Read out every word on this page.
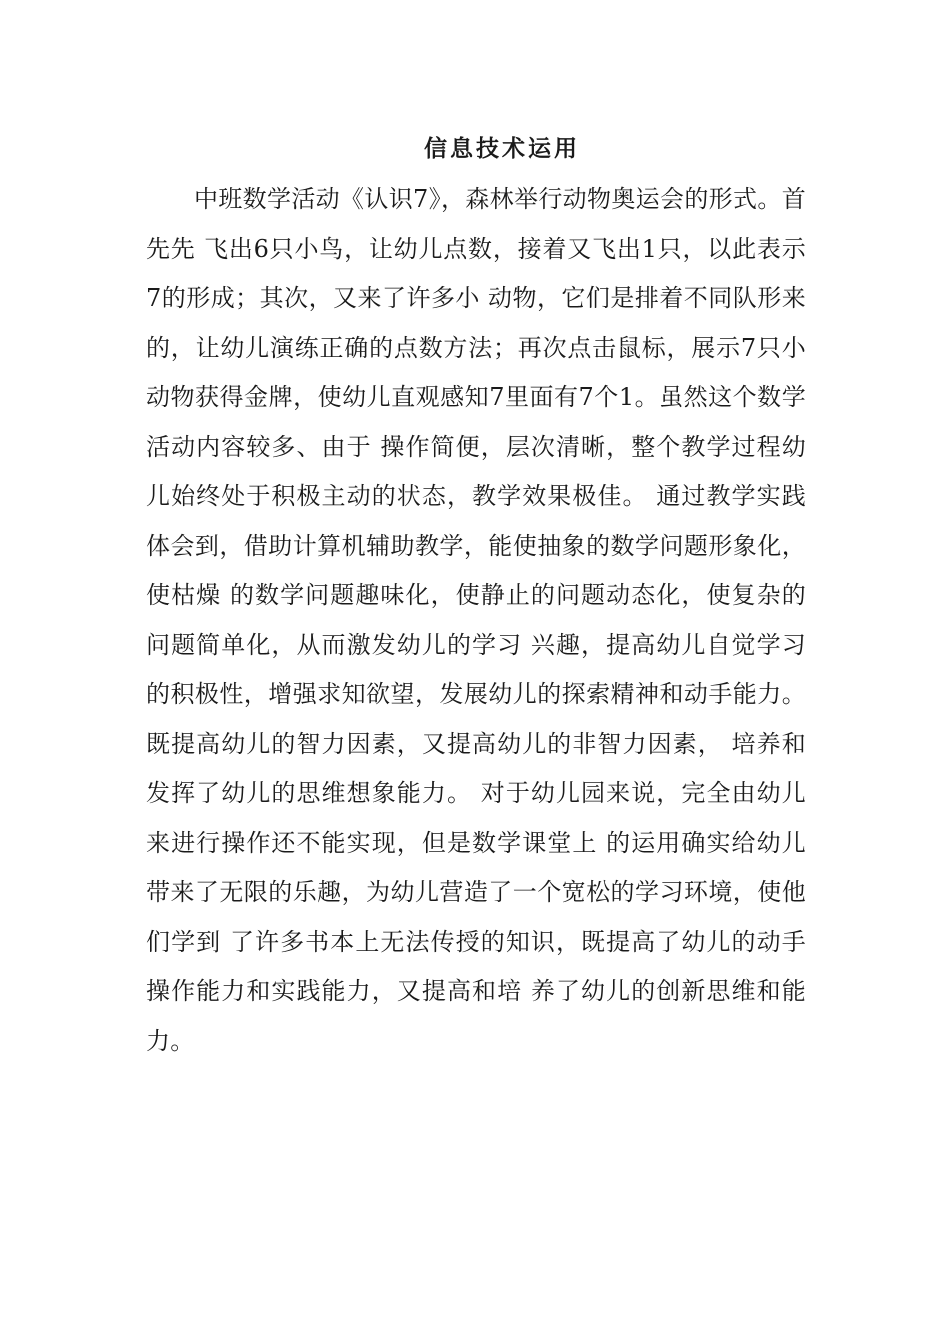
信息技术运用

中班数学活动《认识7》，森林举行动物奥运会的形式。首先先 飞出6只小鸟，让幼儿点数，接着又飞出1只，以此表示7的形成；其次，又来了许多小 动物，它们是排着不同队形来的，让幼儿演练正确的点数方法；再次点击鼠标，展示7只小动物获得金牌，使幼儿直观感知7里面有7个1。虽然这个数学活动内容较多、由于 操作简便，层次清晰，整个教学过程幼儿始终处于积极主动的状态，教学效果极佳。 通过教学实践体会到，借助计算机辅助教学，能使抽象的数学问题形象化，使枯燥 的数学问题趣味化，使静止的问题动态化，使复杂的问题简单化，从而激发幼儿的学习 兴趣，提高幼儿自觉学习的积极性，增强求知欲望，发展幼儿的探索精神和动手能力。既提高幼儿的智力因素，又提高幼儿的非智力因素， 培养和发挥了幼儿的思维想象能力。 对于幼儿园来说，完全由幼儿来进行操作还不能实现，但是数学课堂上 的运用确实给幼儿带来了无限的乐趣，为幼儿营造了一个宽松的学习环境，使他们学到 了许多书本上无法传授的知识，既提高了幼儿的动手操作能力和实践能力，又提高和培 养了幼儿的创新思维和能力。
